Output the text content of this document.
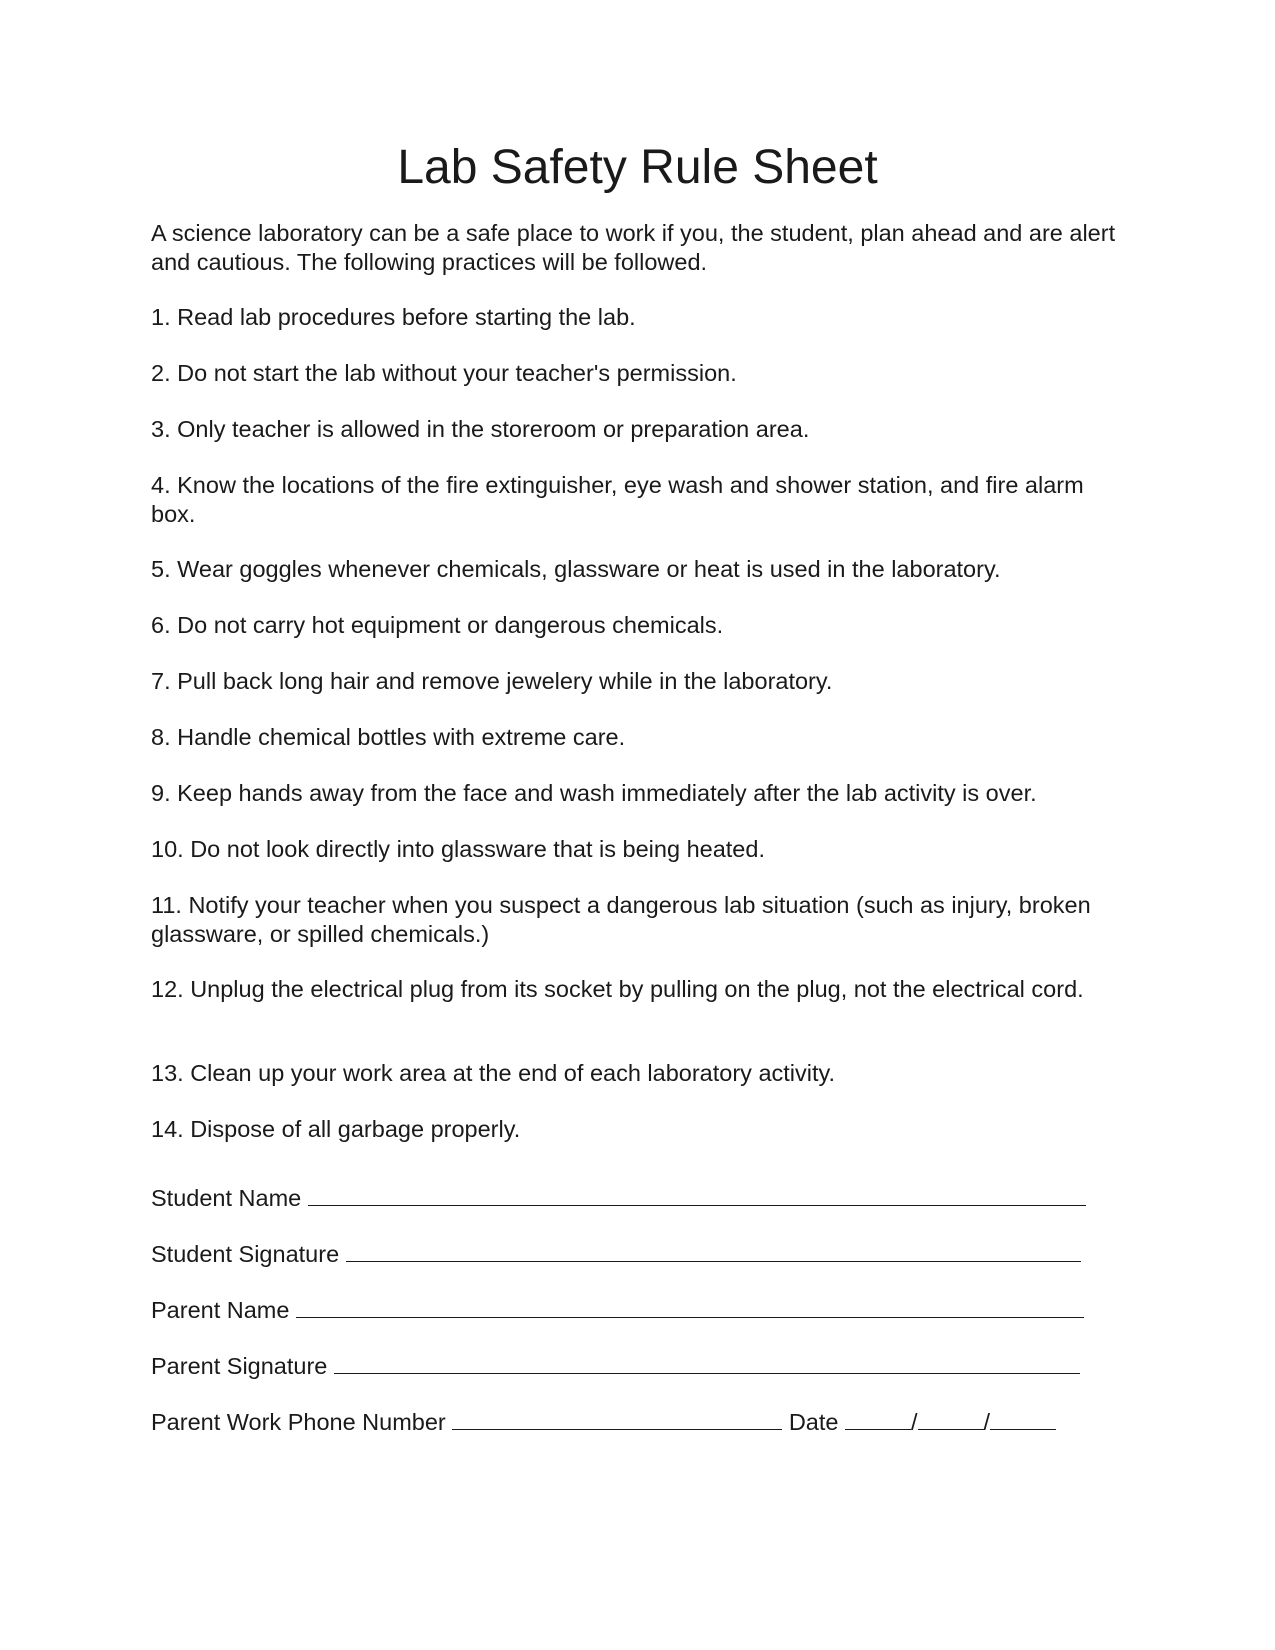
Lab Safety Rule Sheet

A science laboratory can be a safe place to work if you, the student, plan ahead and are alert and cautious. The following practices will be followed.

1. Read lab procedures before starting the lab.

2. Do not start the lab without your teacher's permission.

3. Only teacher is allowed in the storeroom or preparation area.

4. Know the locations of the fire extinguisher, eye wash and shower station, and fire alarm box.

5. Wear goggles whenever chemicals, glassware or heat is used in the laboratory.

6. Do not carry hot equipment or dangerous chemicals.

7. Pull back long hair and remove jewelery while in the laboratory.

8. Handle chemical bottles with extreme care.

9. Keep hands away from the face and wash immediately after the lab activity is over.

10. Do not look directly into glassware that is being heated.

11. Notify your teacher when you suspect a dangerous lab situation (such as injury, broken glassware, or spilled chemicals.)

12. Unplug the electrical plug from its socket by pulling on the plug, not the electrical cord.

13. Clean up your work area at the end of each laboratory activity.

14. Dispose of all garbage properly.

Student Name
Student Signature
Parent Name
Parent Signature
Parent Work Phone Number	Date	/	/
